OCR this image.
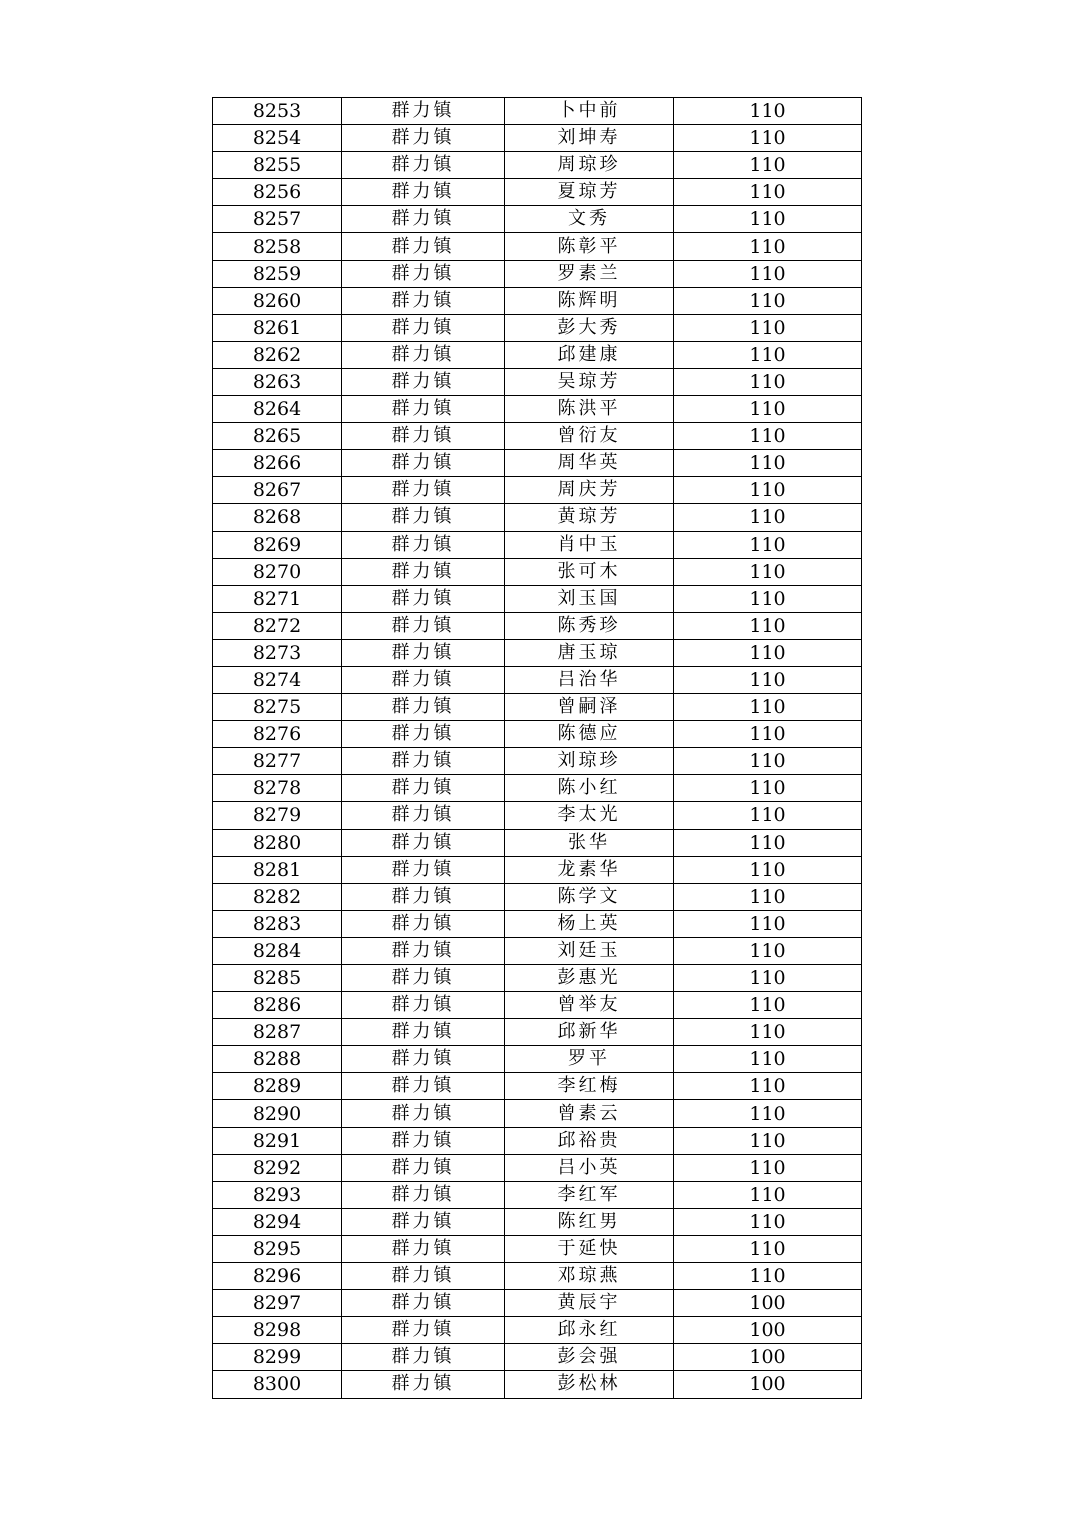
8253	群力镇	卜中前	110
8254	群力镇	刘坤寿	110
8255	群力镇	周琼珍	110
8256	群力镇	夏琼芳	110
8257	群力镇	文秀	110
8258	群力镇	陈彰平	110
8259	群力镇	罗素兰	110
8260	群力镇	陈辉明	110
8261	群力镇	彭大秀	110
8262	群力镇	邱建康	110
8263	群力镇	吴琼芳	110
8264	群力镇	陈洪平	110
8265	群力镇	曾衍友	110
8266	群力镇	周华英	110
8267	群力镇	周庆芳	110
8268	群力镇	黄琼芳	110
8269	群力镇	肖中玉	110
8270	群力镇	张可木	110
8271	群力镇	刘玉国	110
8272	群力镇	陈秀珍	110
8273	群力镇	唐玉琼	110
8274	群力镇	吕治华	110
8275	群力镇	曾嗣泽	110
8276	群力镇	陈德应	110
8277	群力镇	刘琼珍	110
8278	群力镇	陈小红	110
8279	群力镇	李太光	110
8280	群力镇	张华	110
8281	群力镇	龙素华	110
8282	群力镇	陈学文	110
8283	群力镇	杨上英	110
8284	群力镇	刘廷玉	110
8285	群力镇	彭惠光	110
8286	群力镇	曾举友	110
8287	群力镇	邱新华	110
8288	群力镇	罗平	110
8289	群力镇	李红梅	110
8290	群力镇	曾素云	110
8291	群力镇	邱裕贵	110
8292	群力镇	吕小英	110
8293	群力镇	李红军	110
8294	群力镇	陈红男	110
8295	群力镇	于延快	110
8296	群力镇	邓琼燕	110
8297	群力镇	黄辰宇	100
8298	群力镇	邱永红	100
8299	群力镇	彭会强	100
8300	群力镇	彭松林	100
